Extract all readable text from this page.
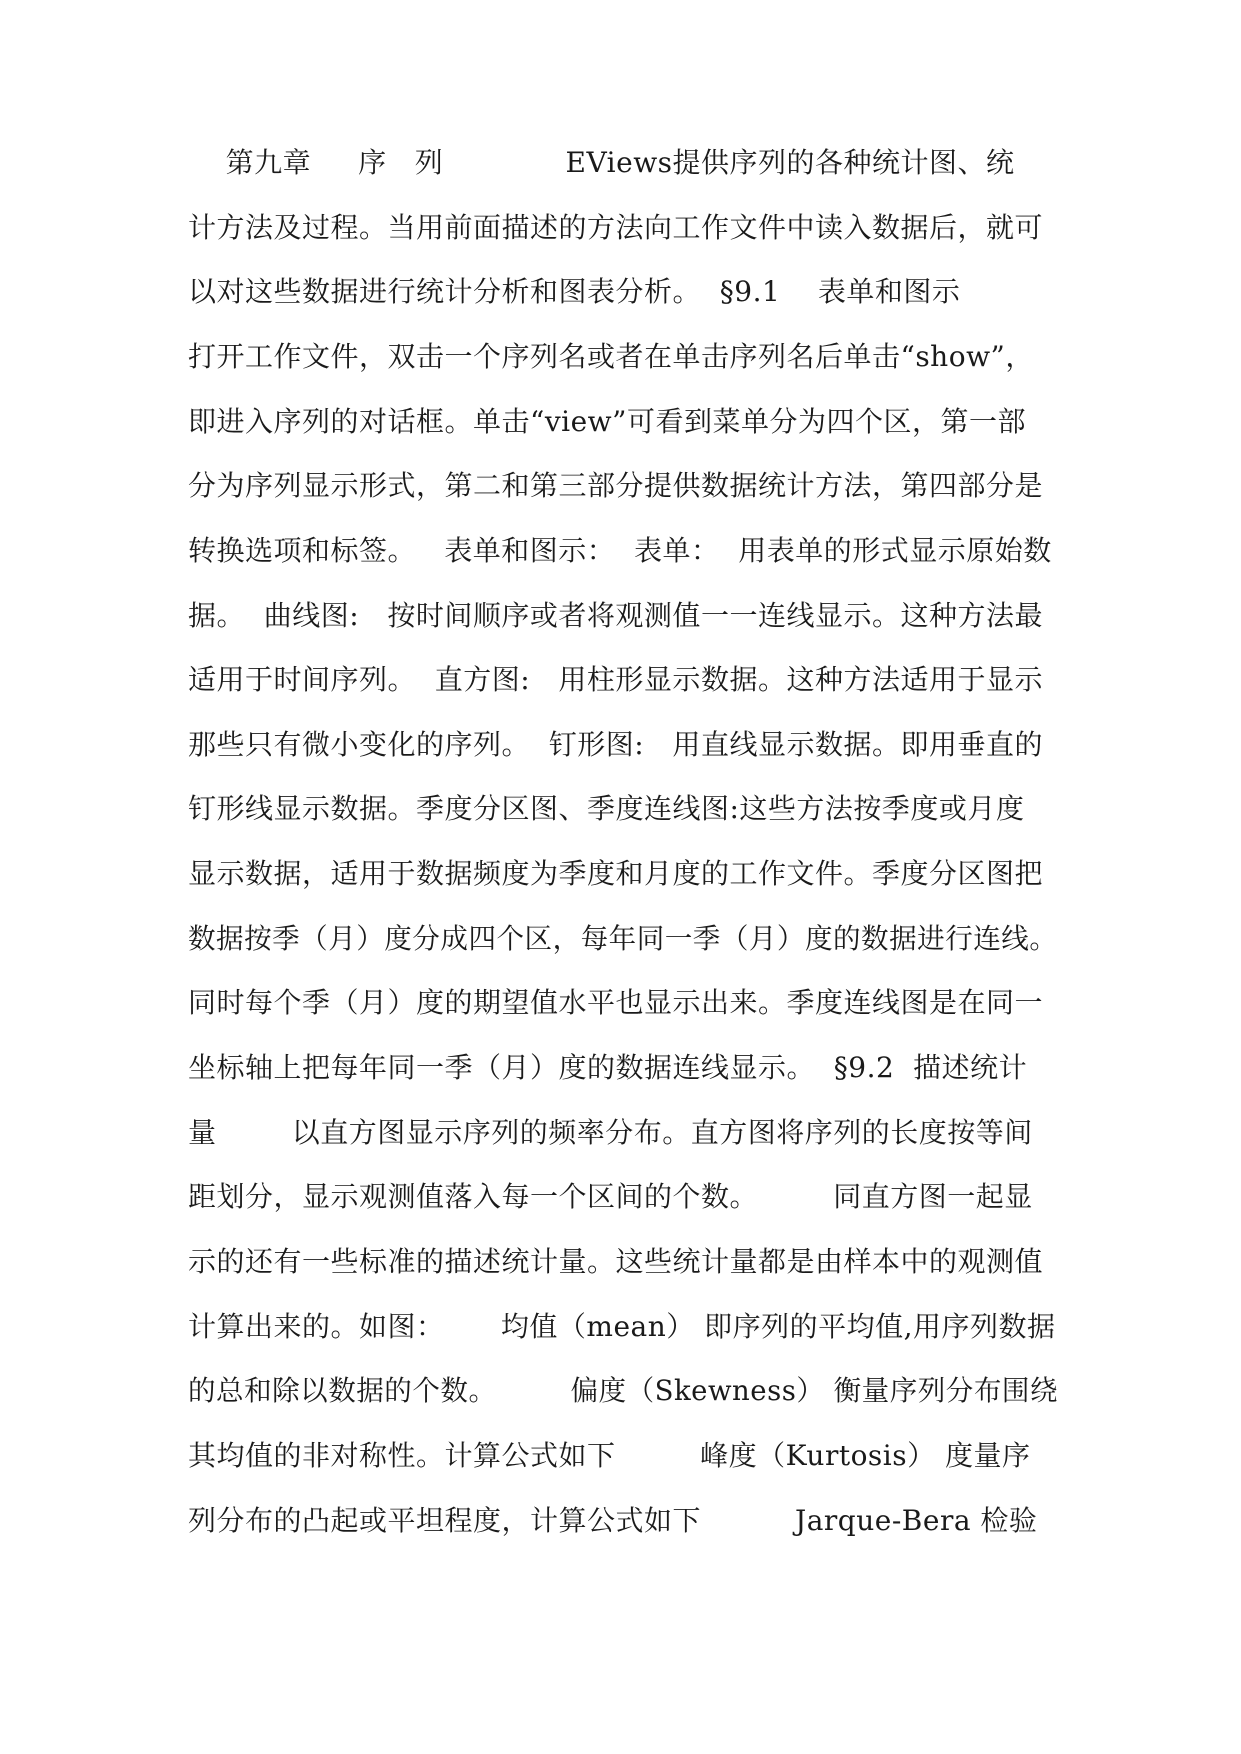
第九章     序   列             EViews提供序列的各种统计图、统
计方法及过程。当用前面描述的方法向工作文件中读入数据后，就可
以对这些数据进行统计分析和图表分析。  §9.1    表单和图示
打开工作文件，双击一个序列名或者在单击序列名后单击“show”，
即进入序列的对话框。单击“view”可看到菜单分为四个区，第一部
分为序列显示形式，第二和第三部分提供数据统计方法，第四部分是
转换选项和标签。   表单和图示：  表单：  用表单的形式显示原始数
据。  曲线图:   按时间顺序或者将观测值一一连线显示。这种方法最
适用于时间序列。  直方图:   用柱形显示数据。这种方法适用于显示
那些只有微小变化的序列。  钉形图:   用直线显示数据。即用垂直的
钉形线显示数据。季度分区图、季度连线图:这些方法按季度或月度
显示数据，适用于数据频度为季度和月度的工作文件。季度分区图把
数据按季（月）度分成四个区，每年同一季（月）度的数据进行连线。
同时每个季（月）度的期望值水平也显示出来。季度连线图是在同一
坐标轴上把每年同一季（月）度的数据连线显示。  §9.2  描述统计
量        以直方图显示序列的频率分布。直方图将序列的长度按等间
距划分，显示观测值落入每一个区间的个数。        同直方图一起显
示的还有一些标准的描述统计量。这些统计量都是由样本中的观测值
计算出来的。如图：      均值（mean） 即序列的平均值,用序列数据
的总和除以数据的个数。        偏度（Skewness） 衡量序列分布围绕
其均值的非对称性。计算公式如下         峰度（Kurtosis） 度量序
列分布的凸起或平坦程度，计算公式如下          Jarque-Bera 检验
